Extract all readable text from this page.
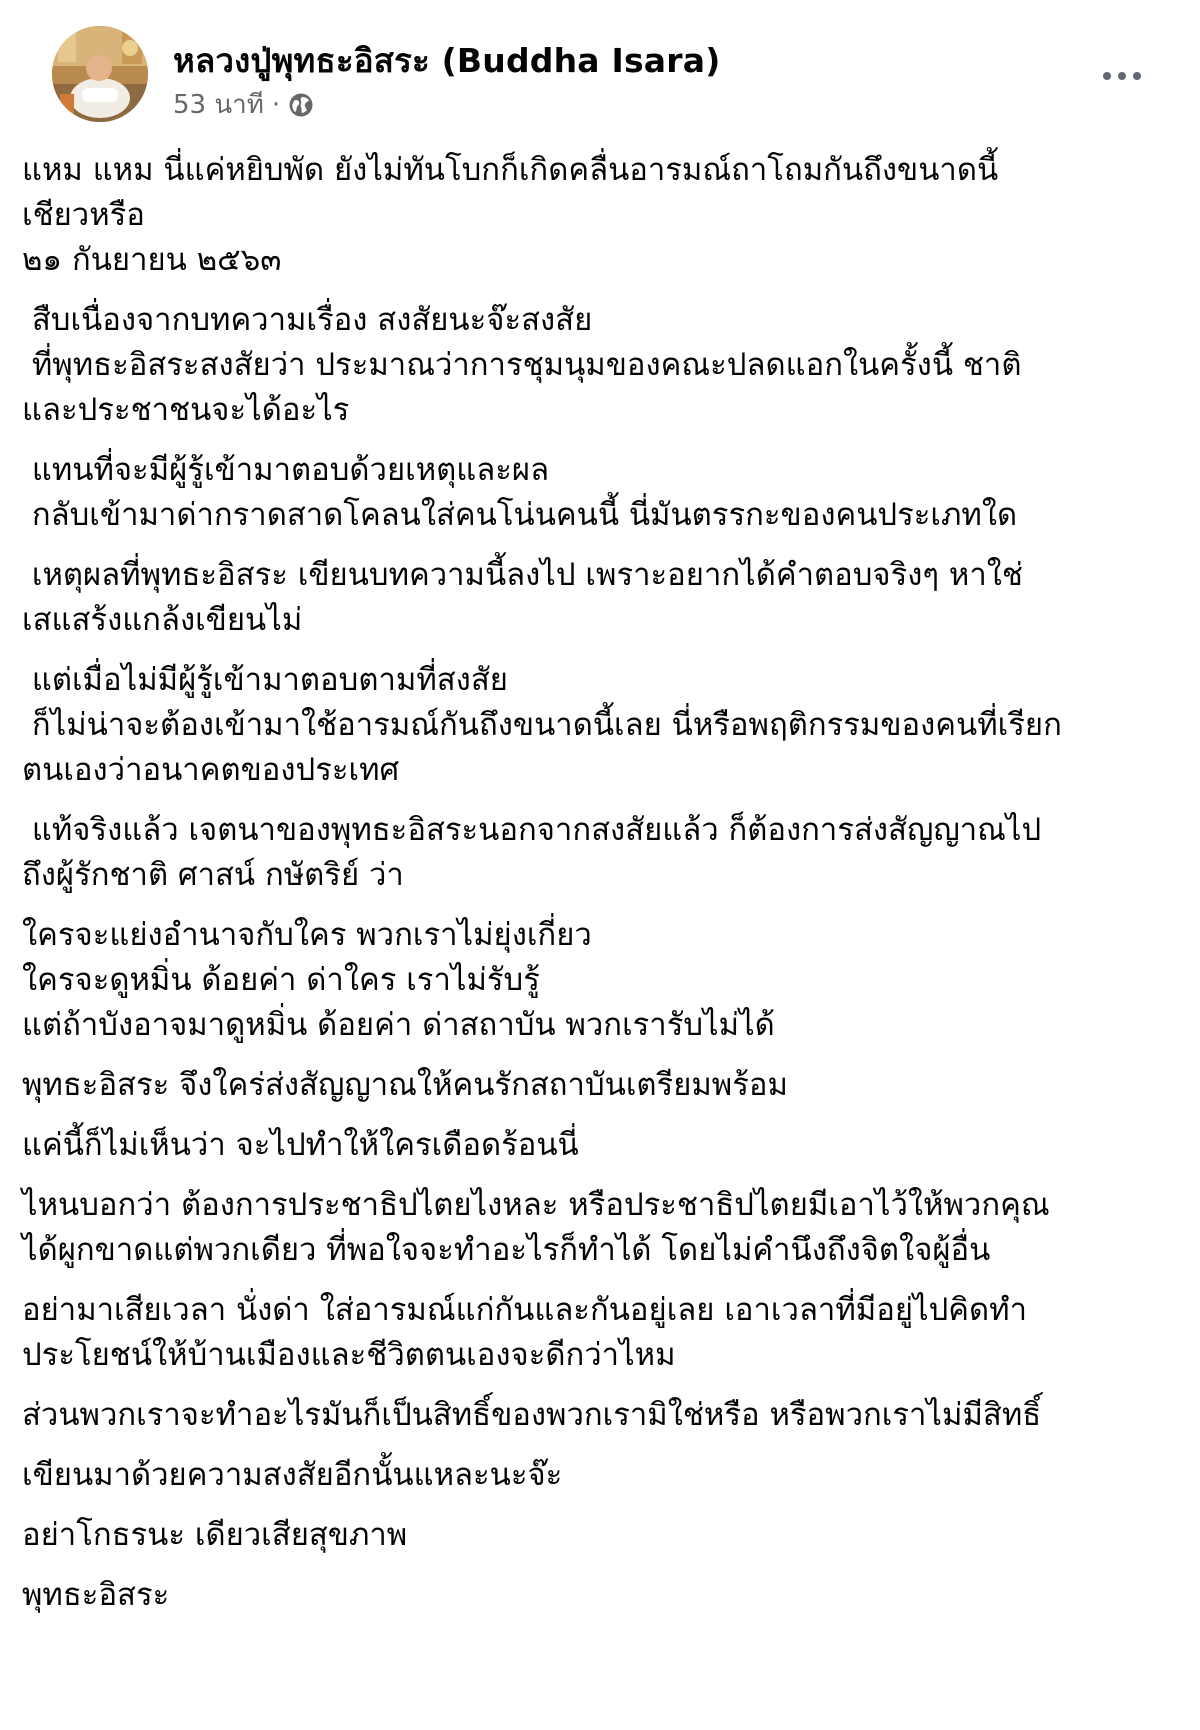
หลวงปู่พุทธะอิสระ (Buddha Isara)
53 นาที ·

แหม แหม นี่แค่หยิบพัด ยังไม่ทันโบกก็เกิดคลื่นอารมณ์ถาโถมกันถึงขนาดนี้
เชียวหรือ
๒๑ กันยายน ๒๕๖๓

สืบเนื่องจากบทความเรื่อง สงสัยนะจ๊ะสงสัย
ที่พุทธะอิสระสงสัยว่า ประมาณว่าการชุมนุมของคณะปลดแอกในครั้งนี้ ชาติ
และประชาชนจะได้อะไร

แทนที่จะมีผู้รู้เข้ามาตอบด้วยเหตุและผล
กลับเข้ามาด่ากราดสาดโคลนใส่คนโน่นคนนี้ นี่มันตรรกะของคนประเภทใด

เหตุผลที่พุทธะอิสระ เขียนบทความนี้ลงไป เพราะอยากได้คำตอบจริงๆ หาใช่
เสแสร้งแกล้งเขียนไม่

แต่เมื่อไม่มีผู้รู้เข้ามาตอบตามที่สงสัย
ก็ไม่น่าจะต้องเข้ามาใช้อารมณ์กันถึงขนาดนี้เลย นี่หรือพฤติกรรมของคนที่เรียก
ตนเองว่าอนาคตของประเทศ

แท้จริงแล้ว เจตนาของพุทธะอิสระนอกจากสงสัยแล้ว ก็ต้องการส่งสัญญาณไป
ถึงผู้รักชาติ ศาสน์ กษัตริย์ ว่า

ใครจะแย่งอำนาจกับใคร พวกเราไม่ยุ่งเกี่ยว
ใครจะดูหมิ่น ด้อยค่า ด่าใคร เราไม่รับรู้
แต่ถ้าบังอาจมาดูหมิ่น ด้อยค่า ด่าสถาบัน พวกเรารับไม่ได้

พุทธะอิสระ จึงใคร่ส่งสัญญาณให้คนรักสถาบันเตรียมพร้อม

แค่นี้ก็ไม่เห็นว่า จะไปทำให้ใครเดือดร้อนนี่

ไหนบอกว่า ต้องการประชาธิปไตยไงหละ หรือประชาธิปไตยมีเอาไว้ให้พวกคุณ
ได้ผูกขาดแต่พวกเดียว ที่พอใจจะทำอะไรก็ทำได้ โดยไม่คำนึงถึงจิตใจผู้อื่น

อย่ามาเสียเวลา นั่งด่า ใส่อารมณ์แก่กันและกันอยู่เลย เอาเวลาที่มีอยู่ไปคิดทำ
ประโยชน์ให้บ้านเมืองและชีวิตตนเองจะดีกว่าไหม

ส่วนพวกเราจะทำอะไรมันก็เป็นสิทธิ์ของพวกเรามิใช่หรือ หรือพวกเราไม่มีสิทธิ์

เขียนมาด้วยความสงสัยอีกนั้นแหละนะจ๊ะ

อย่าโกธรนะ เดียวเสียสุขภาพ

พุทธะอิสระ
